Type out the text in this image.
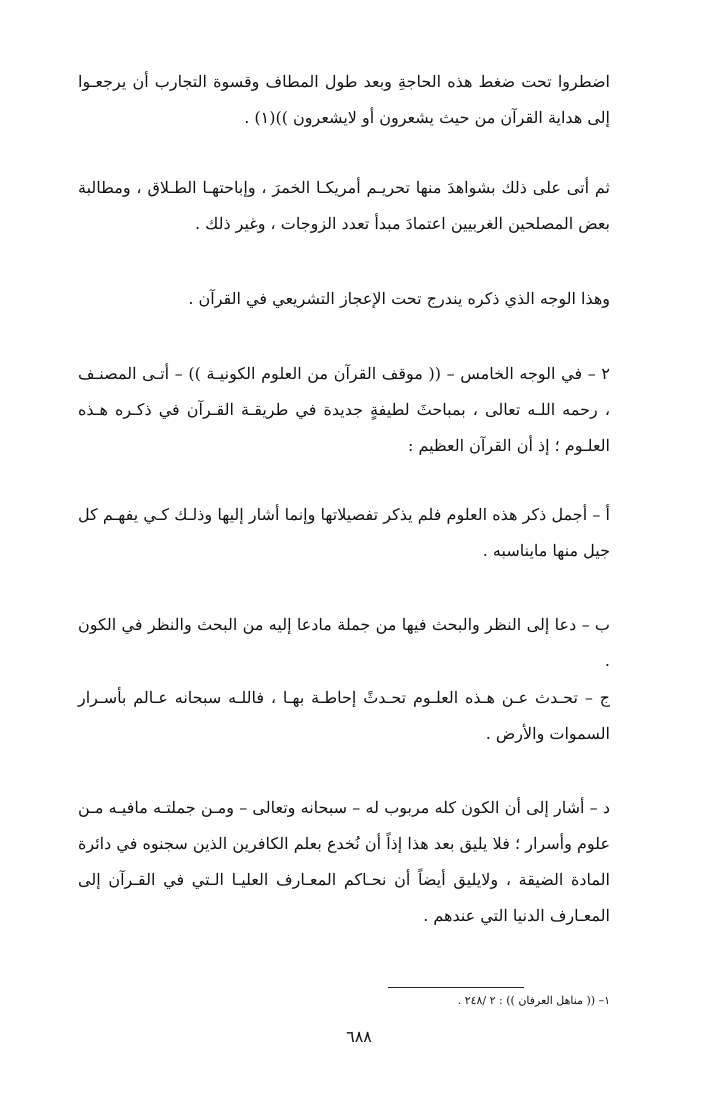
اضطروا تحت ضغط هذه الحاجةِ وبعد طول المطاف وقسوة التجارب أن يرجعـوا إلى هداية القرآن من حيث يشعرون أو لايشعرون ))(١) .

ثم أتى على ذلك بشواهدَ منها تحريـم أمريكـا الخمرَ ، وإباحتهـا الطـلاق ، ومطالبة بعض المصلحين الغربيين اعتمادَ مبدأ تعدد الزوجات ، وغير ذلك .

وهذا الوجه الذي ذكره يندرج تحت الإعجاز التشريعي في القرآن .

٢ – في الوجه الخامس – (( موقف القرآن من العلوم الكونيـة )) – أتـى المصنـف ، رحمه اللـه تعالى ، بمباحثَ لطيفةٍ جديدة في طريقـة القـرآن في ذكـره هـذه العلـوم ؛ إذ أن القرآن العظيم :

أ – أجمل ذكر هذه العلوم فلم يذكر تفصيلاتها وإنما أشار إليها وذلـك كـي يفهـم كل جيل منها مايناسبه .

ب – دعا إلى النظر والبحث فيها من جملة مادعا إليه من البحث والنظر في الكون .

ج – تحـدث عـن هـذه العلـوم تحـدثً إحاطـة بهـا ، فاللـه سبحانه عـالم بأسـرار السموات والأرض .

د – أشار إلى أن الكون كله مربوب له – سبحانه وتعالى – ومـن جملتـه مافيـه مـن علوم وأسرار ؛ فلا يليق بعد هذا إذاً أن نُخدع بعلم الكافرين الذين سجنوه في دائرة المادة الضيقة ، ولايليق أيضاً أن نحـاكم المعـارف العليـا الـتي في القـرآن إلى المعـارف الدنيا التي عندهم .

١– (( مناهل العرفان )) : ٢ /٢٤٨ .
٦٨٨
